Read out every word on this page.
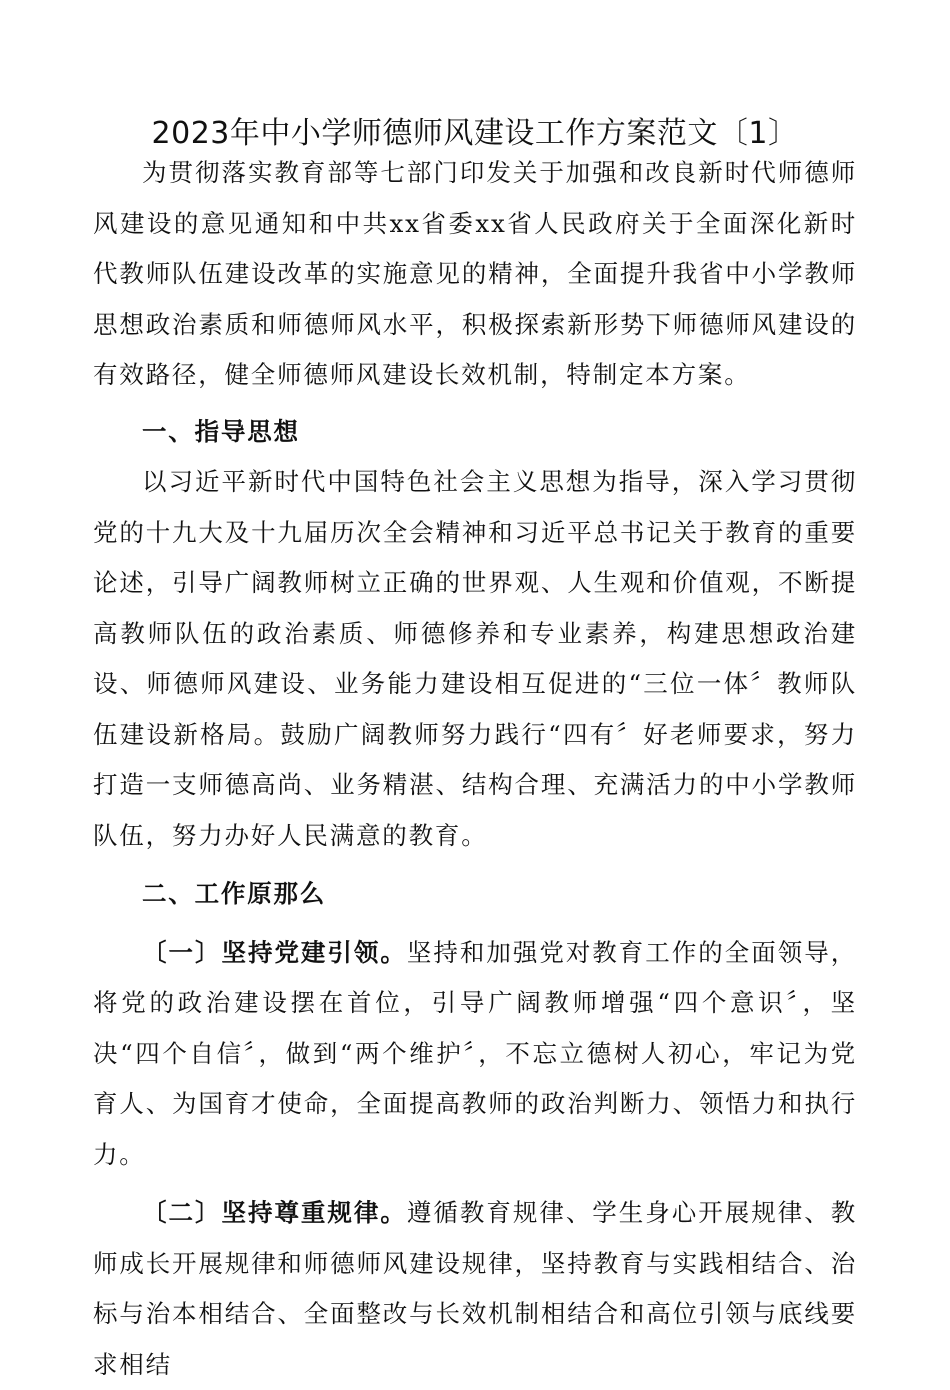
2023年中小学师德师风建设工作方案范文〔1〕

为贯彻落实教育部等七部门印发关于加强和改良新时代师德师风建设的意见通知和中共xx省委xx省人民政府关于全面深化新时代教师队伍建设改革的实施意见的精神，全面提升我省中小学教师思想政治素质和师德师风水平，积极探索新形势下师德师风建设的有效路径，健全师德师风建设长效机制，特制定本方案。

一、指导思想

以习近平新时代中国特色社会主义思想为指导，深入学习贯彻党的十九大及十九届历次全会精神和习近平总书记关于教育的重要论述，引导广阔教师树立正确的世界观、人生观和价值观，不断提高教师队伍的政治素质、师德修养和专业素养，构建思想政治建设、师德师风建设、业务能力建设相互促进的“三位一体〞教师队伍建设新格局。鼓励广阔教师努力践行“四有〞好老师要求，努力打造一支师德高尚、业务精湛、结构合理、充满活力的中小学教师队伍，努力办好人民满意的教育。

二、工作原那么

〔一〕坚持党建引领。坚持和加强党对教育工作的全面领导，将党的政治建设摆在首位，引导广阔教师增强“四个意识〞，坚决“四个自信〞，做到“两个维护〞，不忘立德树人初心，牢记为党育人、为国育才使命，全面提高教师的政治判断力、领悟力和执行力。

〔二〕坚持尊重规律。遵循教育规律、学生身心开展规律、教师成长开展规律和师德师风建设规律，坚持教育与实践相结合、治标与治本相结合、全面整改与长效机制相结合和高位引领与底线要求相结
